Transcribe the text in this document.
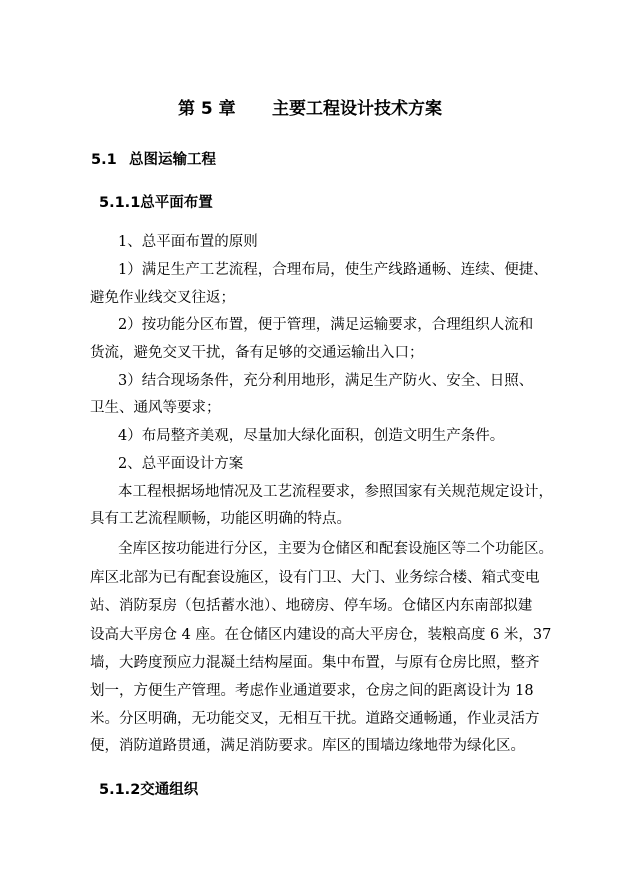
第 5 章 主要工程设计技术方案
5.1 总图运输工程
5.1.1总平面布置
1、总平面布置的原则
1）满足生产工艺流程，合理布局，使生产线路通畅、连续、便捷、
避免作业线交叉往返；
2）按功能分区布置，便于管理，满足运输要求，合理组织人流和
货流，避免交叉干扰，备有足够的交通运输出入口；
3）结合现场条件，充分利用地形，满足生产防火、安全、日照、
卫生、通风等要求；
4）布局整齐美观，尽量加大绿化面积，创造文明生产条件。
2、总平面设计方案
本工程根据场地情况及工艺流程要求，参照国家有关规范规定设计，
具有工艺流程顺畅，功能区明确的特点。
全库区按功能进行分区，主要为仓储区和配套设施区等二个功能区。
库区北部为已有配套设施区，设有门卫、大门、业务综合楼、箱式变电
站、消防泵房（包括蓄水池）、地磅房、停车场。仓储区内东南部拟建
设高大平房仓 4 座。在仓储区内建设的高大平房仓，装粮高度 6 米，37
墙，大跨度预应力混凝土结构屋面。集中布置，与原有仓房比照，整齐
划一，方便生产管理。考虑作业通道要求，仓房之间的距离设计为 18
米。分区明确，无功能交叉，无相互干扰。道路交通畅通，作业灵活方
便，消防道路贯通，满足消防要求。库区的围墙边缘地带为绿化区。
5.1.2交通组织
